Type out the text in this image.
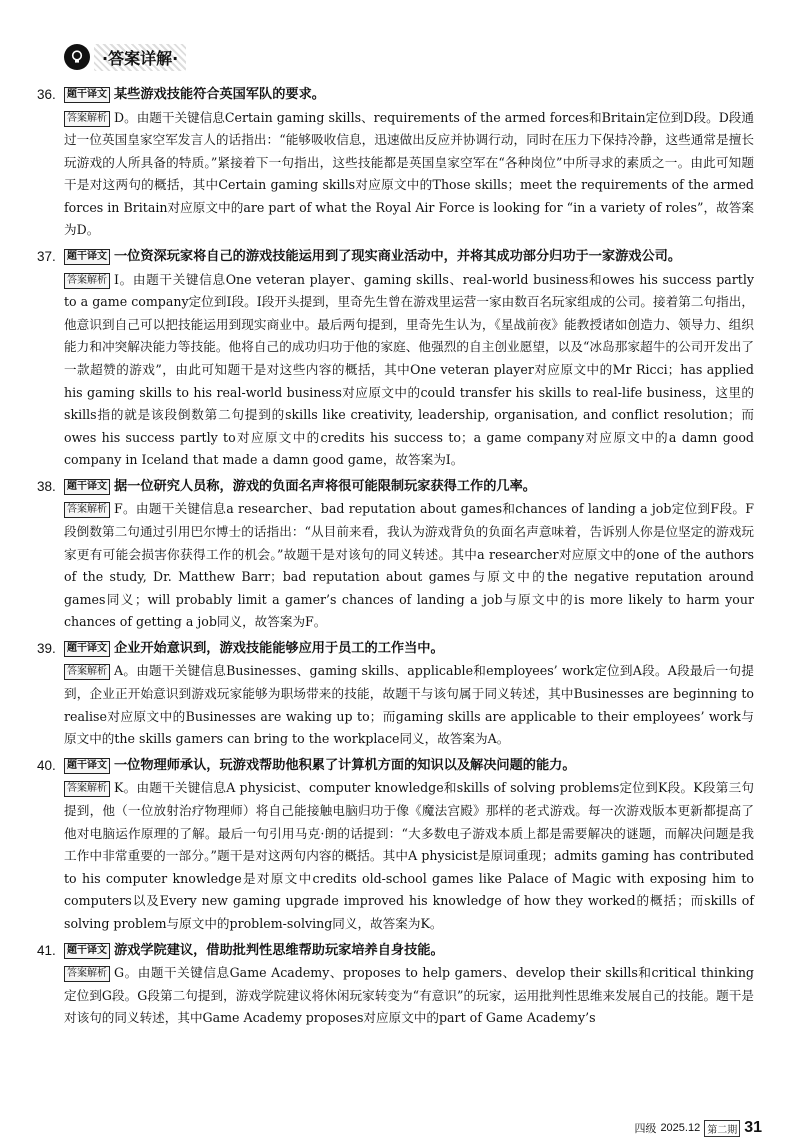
·答案详解·
36.	题干译文 某些游戏技能符合英国军队的要求。
答案解析 D。由题干关键信息Certain gaming skills、requirements of the armed forces和Britain定位到D段。D段通过一位英国皇家空军发言人的话指出：“能够吸收信息，迅速做出反应并协调行动，同时在压力下保持冷静，这些通常是擅长玩游戏的人所具备的特质。”紧接着下一句指出，这些技能都是英国皇家空军在“各种岗位”中所寻求的素质之一。由此可知题干是对这两句的概括，其中Certain gaming skills对应原文中的Those skills；meet the requirements of the armed forces in Britain对应原文中的are part of what the Royal Air Force is looking for “in a variety of roles”，故答案为D。
37.	题干译文 一位资深玩家将自己的游戏技能运用到了现实商业活动中，并将其成功部分归功于一家游戏公司。
答案解析 I。由题干关键信息One veteran player、gaming skills、real-world business和owes his success partly to a game company定位到I段。I段开头提到，里奇先生曾在游戏里运营一家由数百名玩家组成的公司。接着第二句指出，他意识到自己可以把技能运用到现实商业中。最后两句提到，里奇先生认为，《星战前夜》能教授诸如创造力、领导力、组织能力和冲突解决能力等技能。他将自己的成功归功于他的家庭、他强烈的自主创业愿望，以及“冰岛那家超牛的公司开发出了一款超赞的游戏”，由此可知题干是对这些内容的概括，其中One veteran player对应原文中的Mr Ricci；has applied his gaming skills to his real-world business对应原文中的could transfer his skills to real-life business，这里的skills指的就是该段倒数第二句提到的skills like creativity, leadership, organisation, and conflict resolution；而owes his success partly to对应原文中的credits his success to；a game company对应原文中的a damn good company in Iceland that made a damn good game，故答案为I。
38.	题干译文 据一位研究人员称，游戏的负面名声将很可能限制玩家获得工作的几率。
答案解析 F。由题干关键信息a researcher、bad reputation about games和chances of landing a job定位到F段。F段倒数第二句通过引用巴尔博士的话指出：“从目前来看，我认为游戏背负的负面名声意味着，告诉别人你是位坚定的游戏玩家更有可能会损害你获得工作的机会。”故题干是对该句的同义转述。其中a researcher对应原文中的one of the authors of the study, Dr. Matthew Barr；bad reputation about games与原文中的the negative reputation around games同义；will probably limit a gamer’s chances of landing a job与原文中的is more likely to harm your chances of getting a job同义，故答案为F。
39.	题干译文 企业开始意识到，游戏技能能够应用于员工的工作当中。
答案解析 A。由题干关键信息Businesses、gaming skills、applicable和employees’ work定位到A段。A段最后一句提到，企业正开始意识到游戏玩家能够为职场带来的技能，故题干与该句属于同义转述，其中Businesses are beginning to realise对应原文中的Businesses are waking up to；而gaming skills are applicable to their employees’ work与原文中的the skills gamers can bring to the workplace同义，故答案为A。
40.	题干译文 一位物理师承认，玩游戏帮助他积累了计算机方面的知识以及解决问题的能力。
答案解析 K。由题干关键信息A physicist、computer knowledge和skills of solving problems定位到K段。K段第三句提到，他（一位放射治疗物理师）将自己能接触电脑归功于像《魔法宫殿》那样的老式游戏。每一次游戏版本更新都提高了他对电脑运作原理的了解。最后一句引用马克·朗的话提到：“大多数电子游戏本质上都是需要解决的谜题，而解决问题是我工作中非常重要的一部分。”题干是对这两句内容的概括。其中A physicist是原词重现；admits gaming has contributed to his computer knowledge是对原文中credits old-school games like Palace of Magic with exposing him to computers以及Every new gaming upgrade improved his knowledge of how they worked的概括；而skills of solving problem与原文中的problem-solving同义，故答案为K。
41.	题干译文 游戏学院建议，借助批判性思维帮助玩家培养自身技能。
答案解析 G。由题干关键信息Game Academy、proposes to help gamers、develop their skills和critical thinking定位到G段。G段第二句提到，游戏学院建议将休闲玩家转变为“有意识”的玩家，运用批判性思维来发展自己的技能。题干是对该句的同义转述，其中Game Academy proposes对应原文中的part of Game Academy’s
四级 2025.12 第二期 31
